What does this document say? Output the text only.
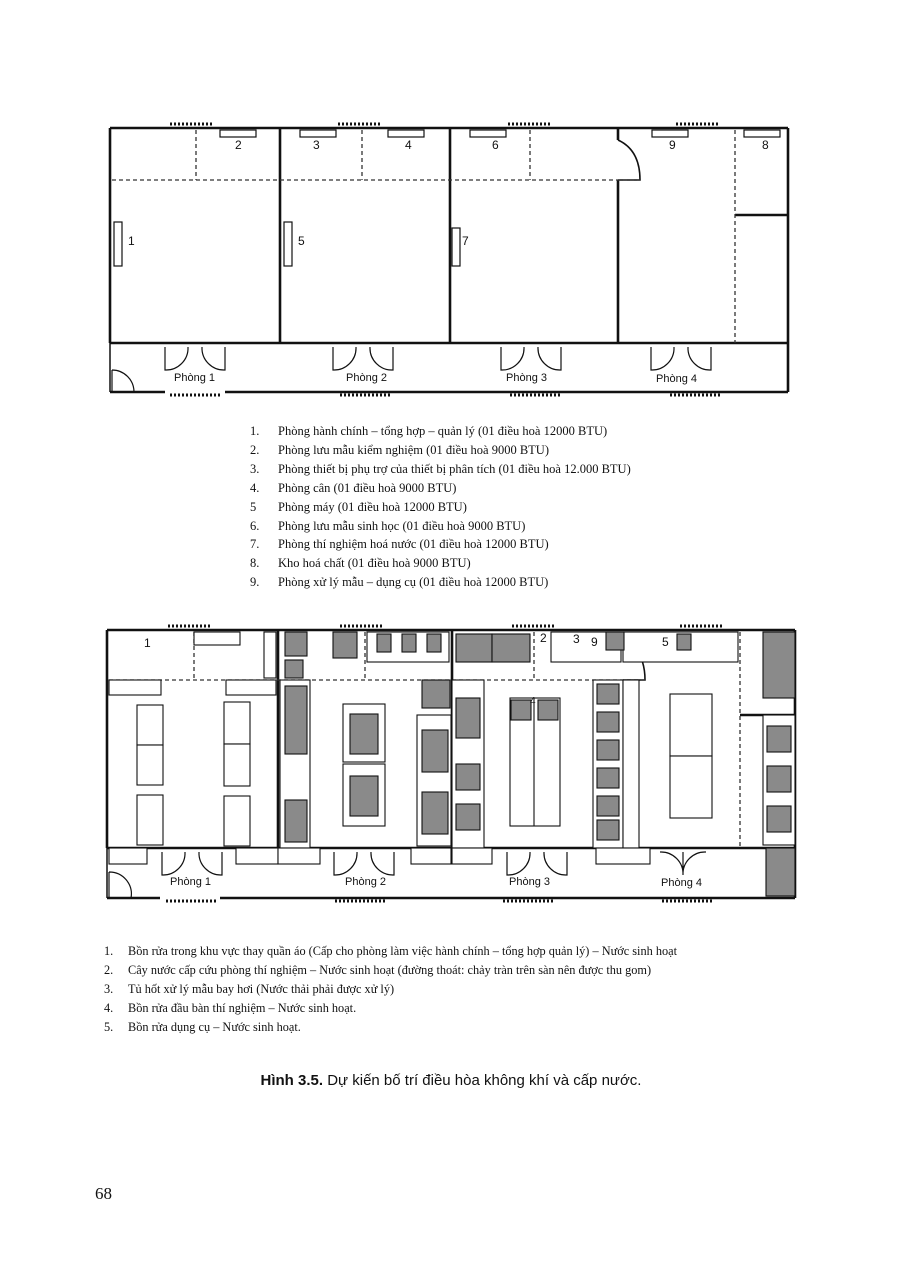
1
2	3	4
5
6
7
8
9
Phòng 1	Phòng 2	Phòng 3	Phòng 4
1.	Phòng hành chính – tổng hợp – quản lý (01 điều hoà 12000 BTU)
2.	Phòng lưu mẫu kiểm nghiệm (01 điều hoà 9000 BTU)
3.	Phòng thiết bị phụ trợ của thiết bị phân tích (01 điều hoà 12.000 BTU)
4.	Phòng cân (01 điều hoà 9000 BTU)
5	Phòng máy (01 điều hoà 12000 BTU)
6.	Phòng lưu mẫu sinh học (01 điều hoà 9000 BTU)
7.	Phòng thí nghiệm hoá nước (01 điều hoà 12000 BTU)
8.	Kho hoá chất (01 điều hoà 9000 BTU)
9.	Phòng xử lý mẫu – dụng cụ (01 điều hoà 12000 BTU)
1	2 3 9	5
4
Phòng 1	Phòng 2	Phòng 3	Phòng 4
1.	Bồn rửa trong khu vực thay quần áo (Cấp cho phòng làm việc hành chính – tổng hợp quản lý) – Nước sinh hoạt
2.	Cây nước cấp cứu phòng thí nghiệm – Nước sinh hoạt (đường thoát: chảy tràn trên sàn nên được thu gom)
3.	Tủ hốt xử lý mẫu bay hơi (Nước thải phải được xử lý)
4.	Bồn rửa đầu bàn thí nghiệm – Nước sinh hoạt.
5.	Bồn rửa dụng cụ – Nước sinh hoạt.
Hình 3.5. Dự kiến bố trí điều hòa không khí và cấp nước.
68
